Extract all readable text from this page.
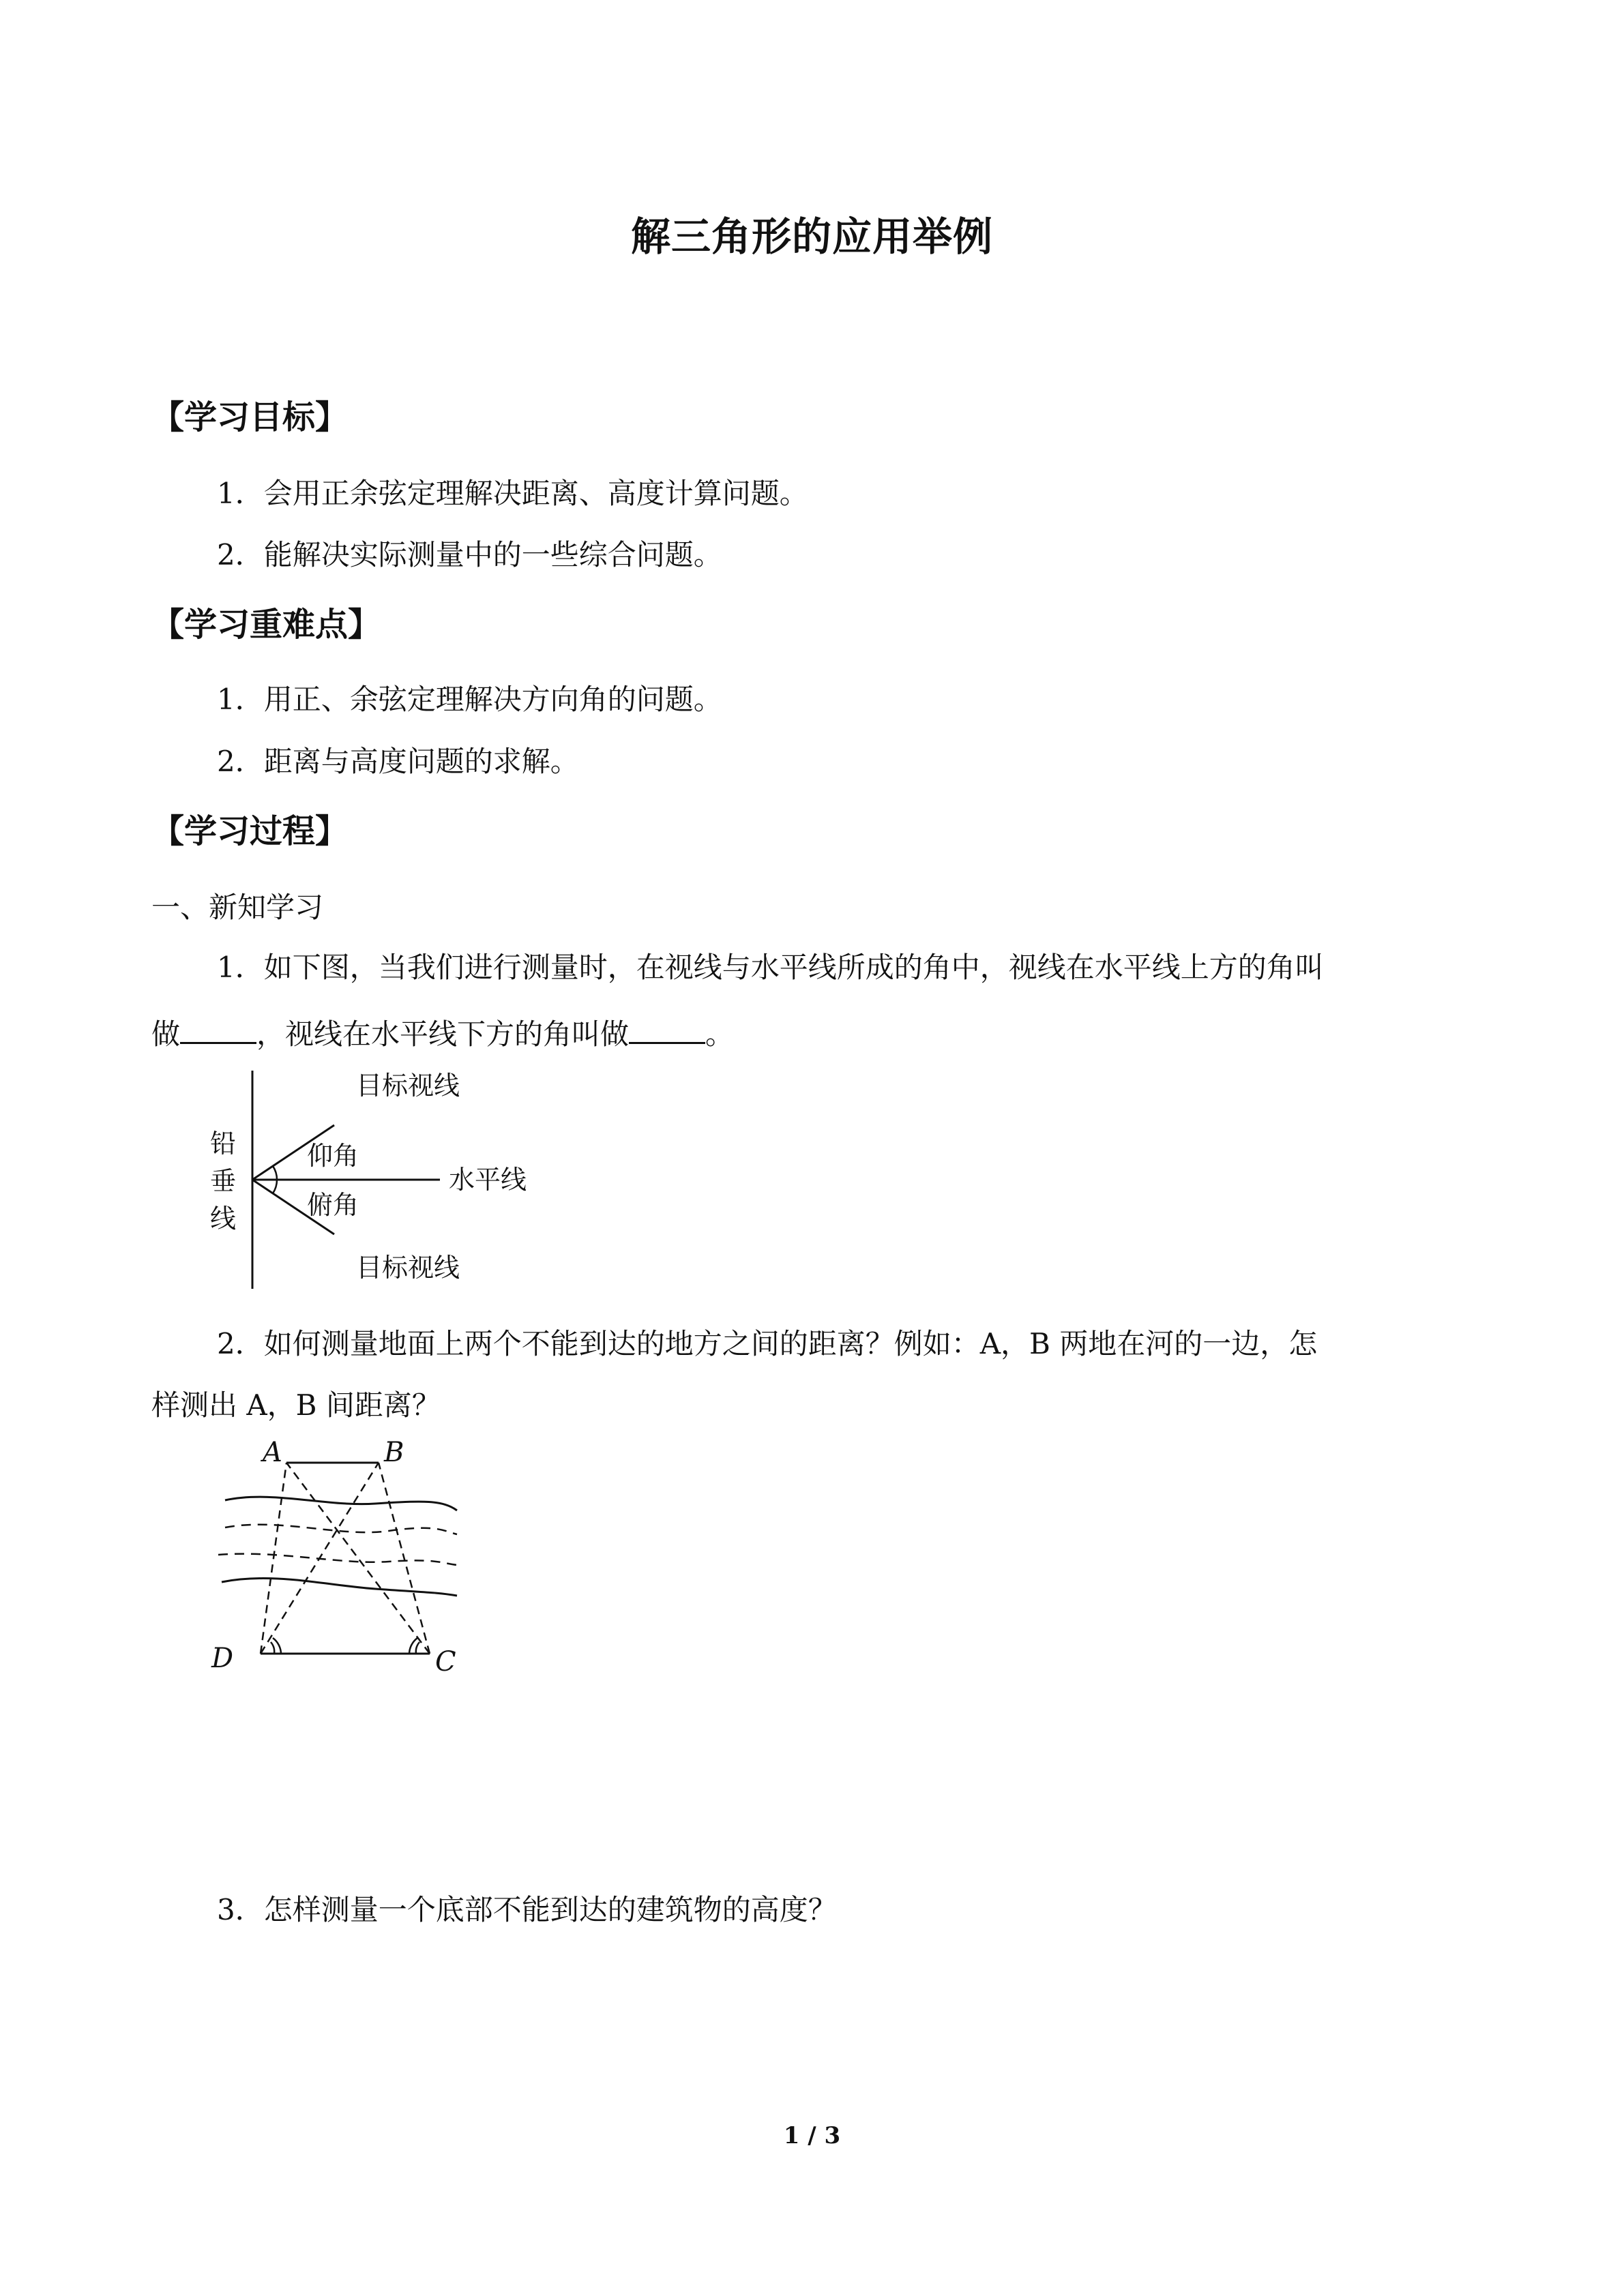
解三角形的应用举例
【学习目标】
1．会用正余弦定理解决距离、高度计算问题。
2．能解决实际测量中的一些综合问题。
【学习重难点】
1．用正、余弦定理解决方向角的问题。
2．距离与高度问题的求解。
【学习过程】
一、新知学习
1．如下图，当我们进行测量时，在视线与水平线所成的角中，视线在水平线上方的角叫
做	，视线在水平线下方的角叫做	。
铅
垂
线
目标视线
仰角
水平线
俯角
目标视线
2．如何测量地面上两个不能到达的地方之间的距离？例如：A，B 两地在河的一边，怎
样测出 A，B 间距离？
A	B
D	C
3．怎样测量一个底部不能到达的建筑物的高度？
1 / 3
